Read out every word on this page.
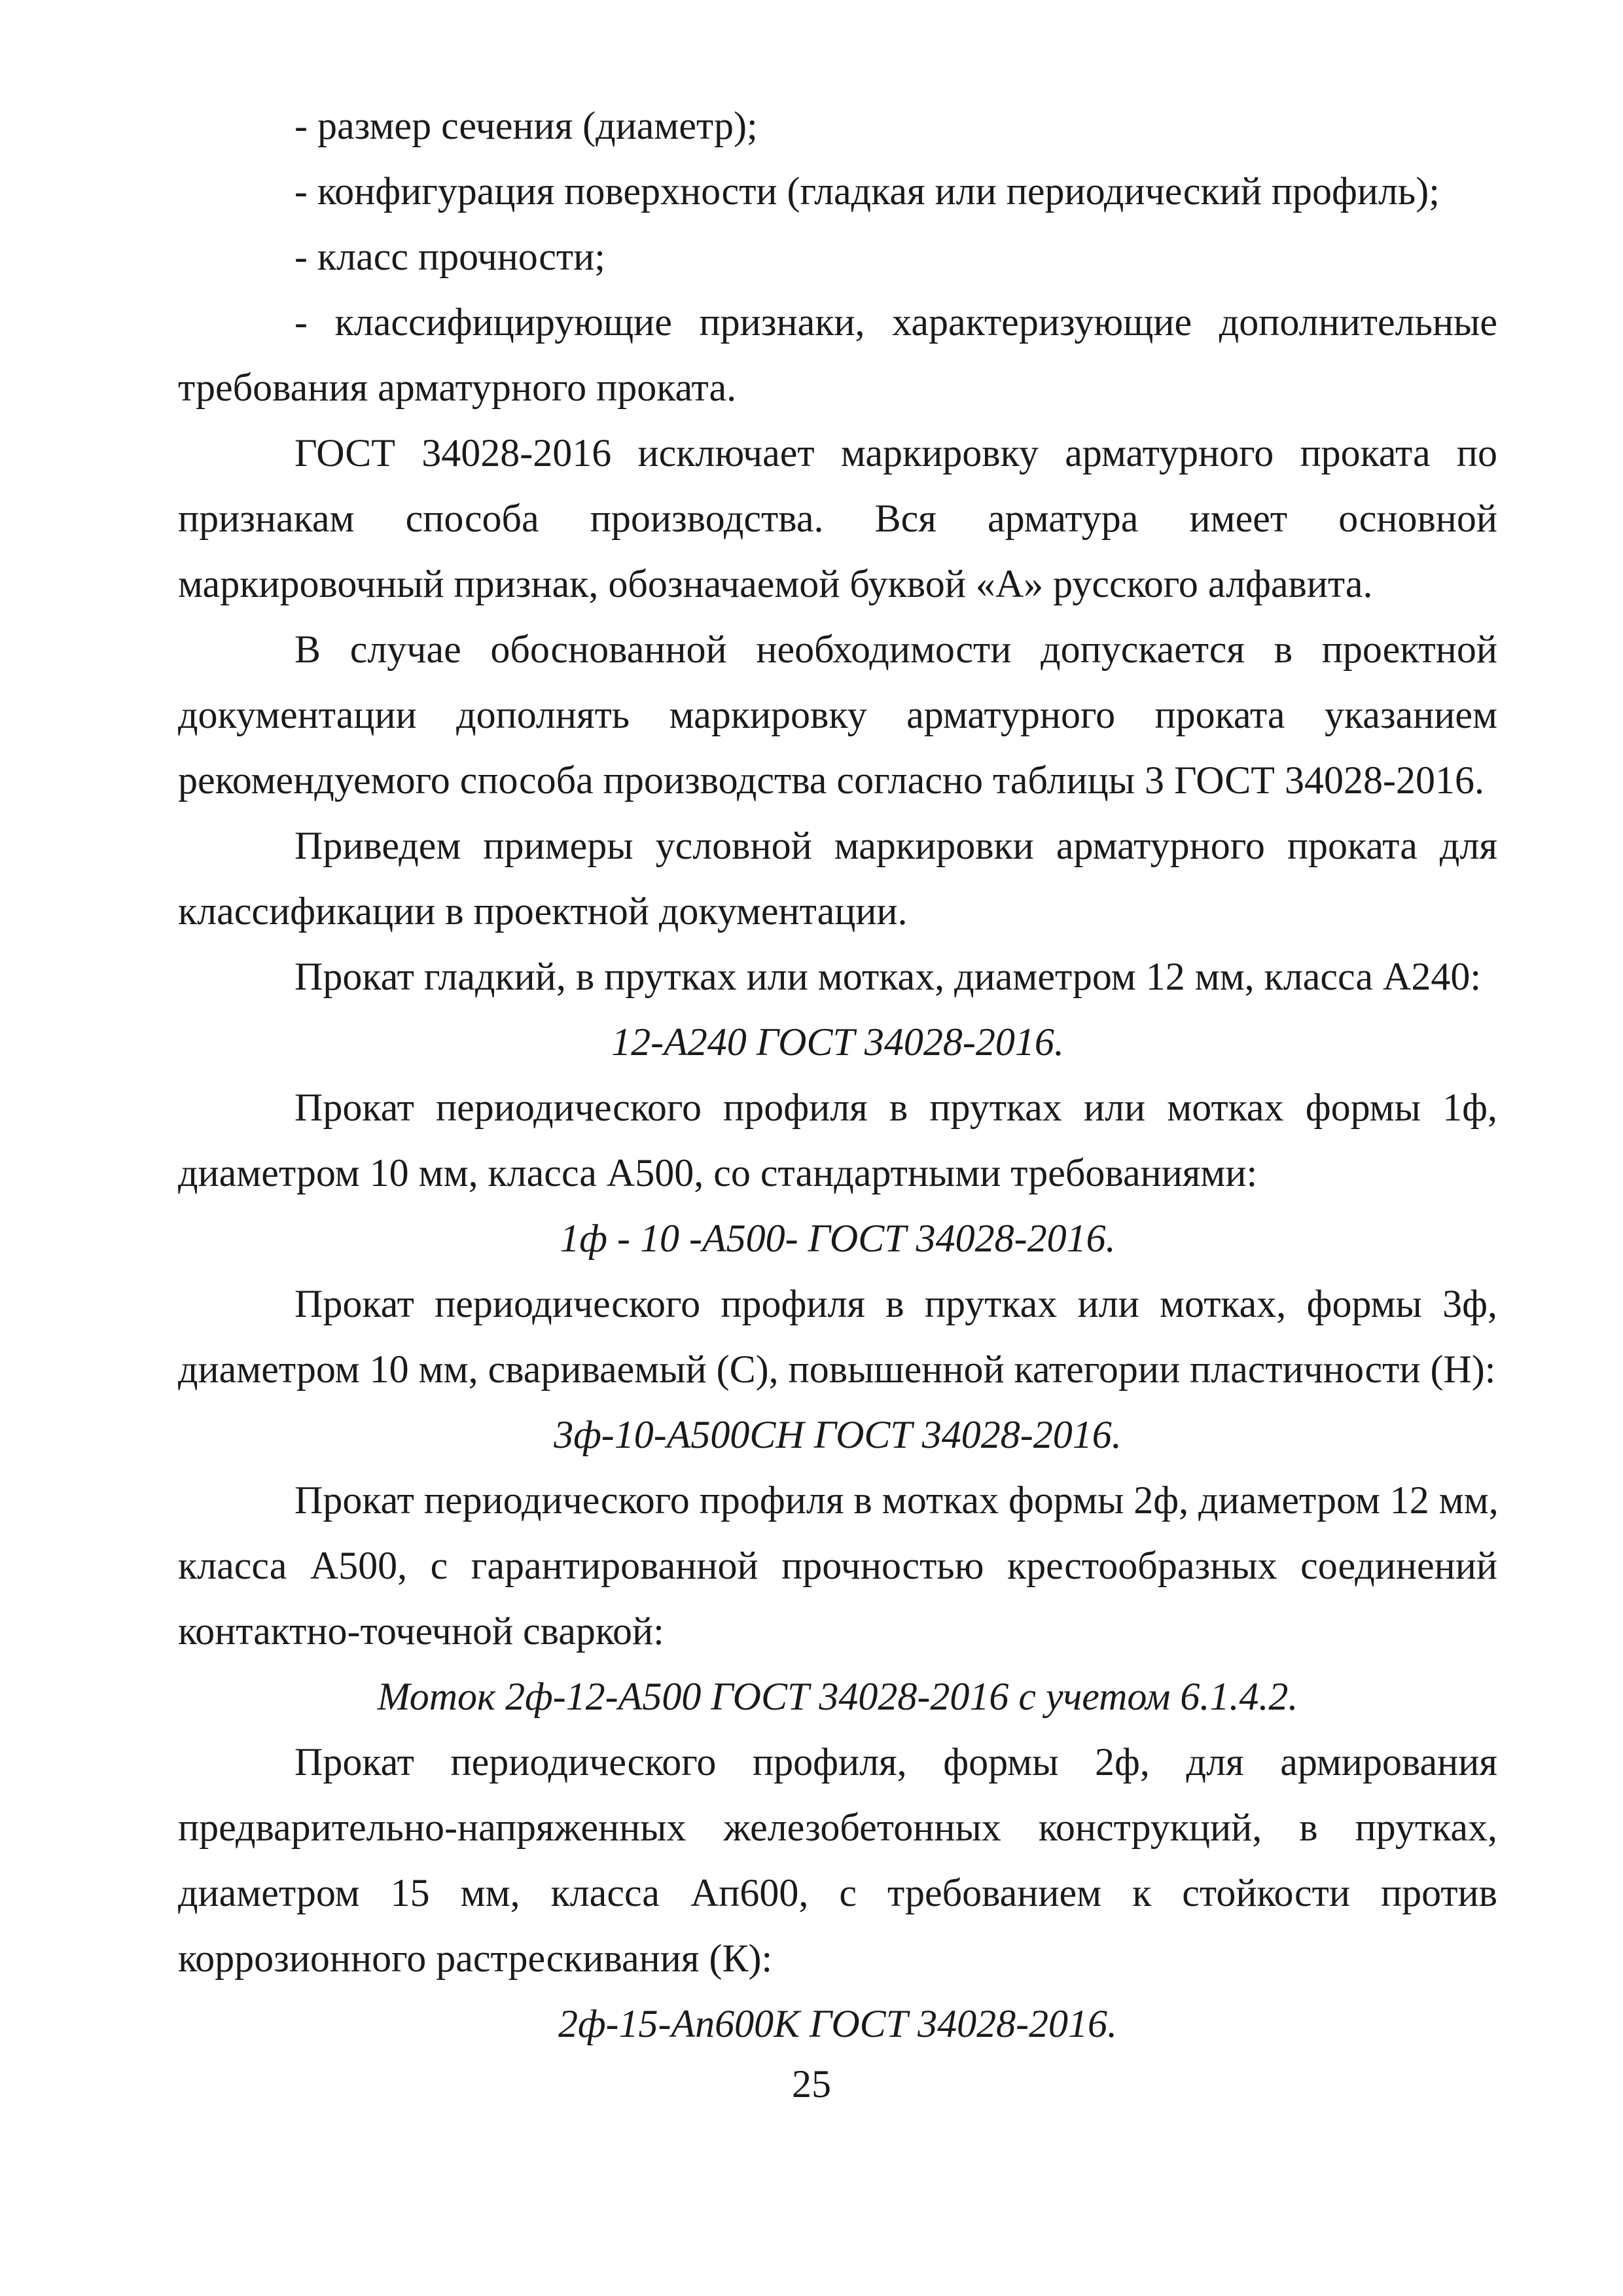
- размер сечения (диаметр);
- конфигурация поверхности (гладкая или периодический профиль);
- класс прочности;
- классифицирующие признаки, характеризующие дополнительные
требования арматурного проката.
ГОСТ 34028-2016 исключает маркировку арматурного проката по
признакам способа производства. Вся арматура имеет основной
маркировочный признак, обозначаемой буквой «А» русского алфавита.
В случае обоснованной необходимости допускается в проектной
документации дополнять маркировку арматурного проката указанием
рекомендуемого способа производства согласно таблицы 3 ГОСТ 34028-2016.
Приведем примеры условной маркировки арматурного проката для
классификации в проектной документации.
Прокат гладкий, в прутках или мотках, диаметром 12 мм, класса А240:
12-А240 ГОСТ 34028-2016.
Прокат периодического профиля в прутках или мотках формы 1ф,
диаметром 10 мм, класса А500, со стандартными требованиями:
1ф - 10 -А500- ГОСТ 34028-2016.
Прокат периодического профиля в прутках или мотках, формы 3ф,
диаметром 10 мм, свариваемый (С), повышенной категории пластичности (Н):
3ф-10-А500СН ГОСТ 34028-2016.
Прокат периодического профиля в мотках формы 2ф, диаметром 12 мм,
класса А500, с гарантированной прочностью крестообразных соединений
контактно-точечной сваркой:
Моток 2ф-12-А500 ГОСТ 34028-2016 с учетом 6.1.4.2.
Прокат периодического профиля, формы 2ф, для армирования
предварительно-напряженных железобетонных конструкций, в прутках,
диаметром 15 мм, класса Ап600, с требованием к стойкости против
коррозионного растрескивания (К):
2ф-15-Ап600К ГОСТ 34028-2016.
25
